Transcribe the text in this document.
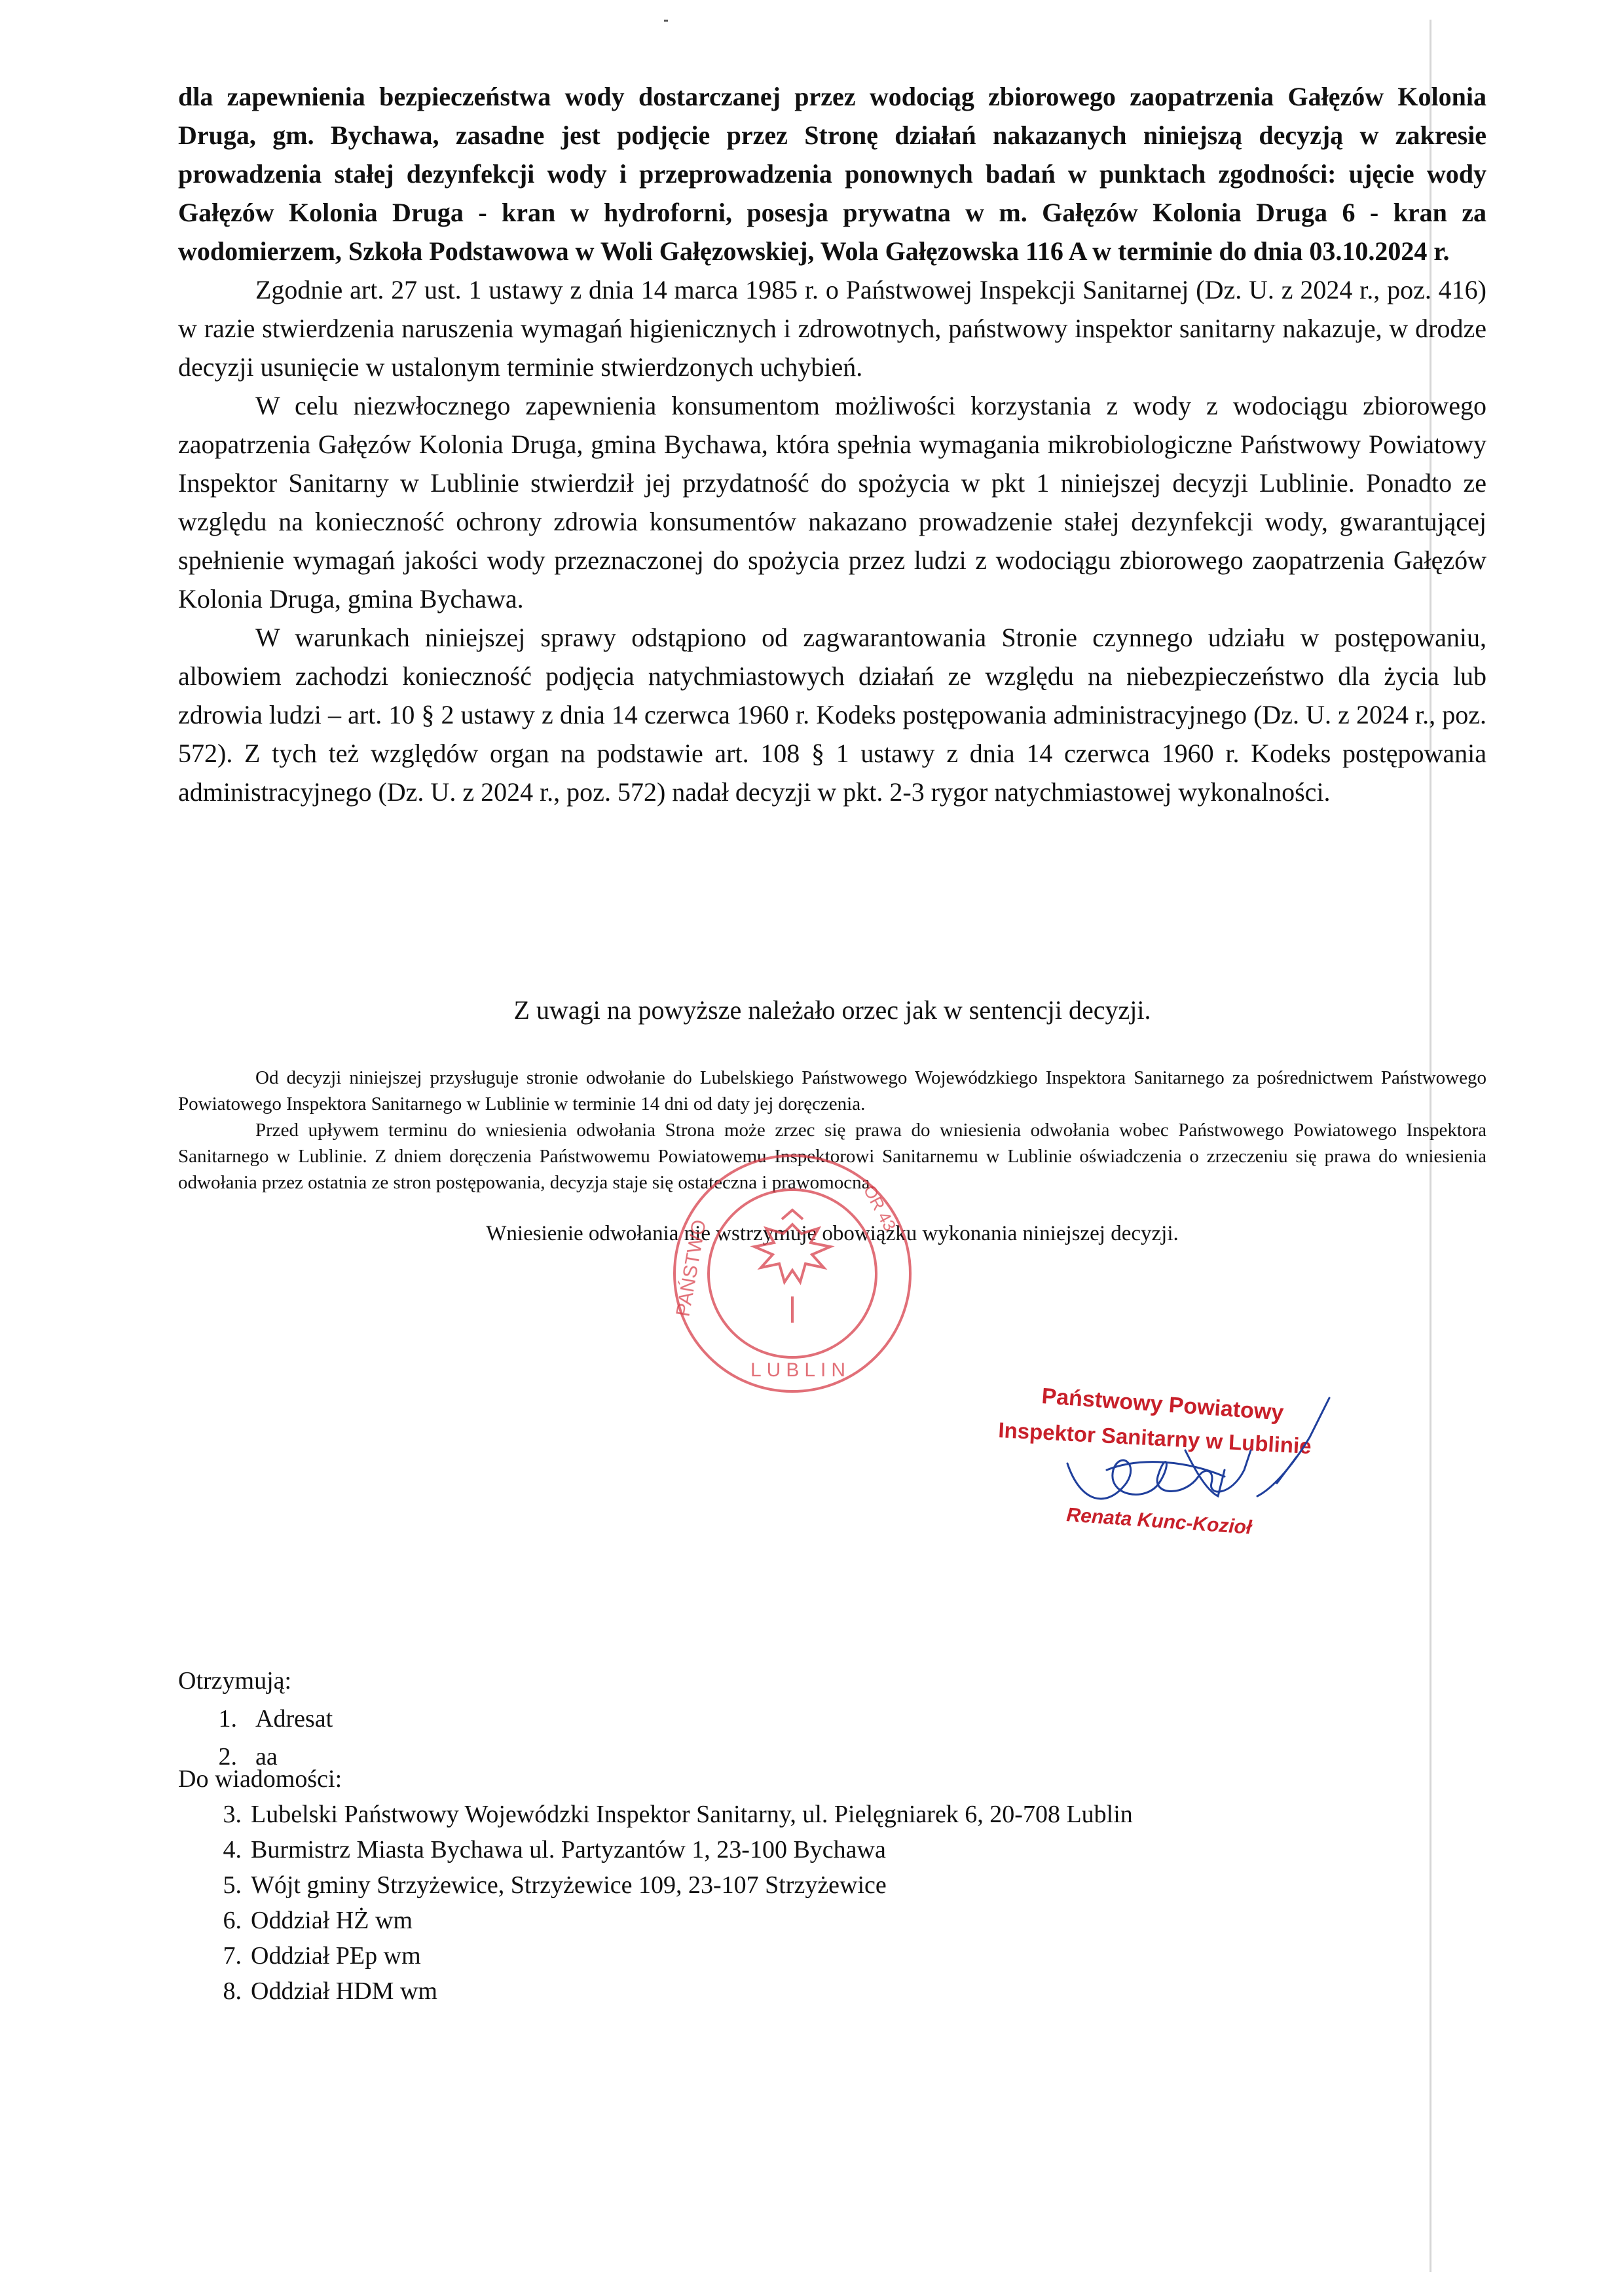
dla zapewnienia bezpieczeństwa wody dostarczanej przez wodociąg zbiorowego zaopatrzenia Gałęzów Kolonia Druga, gm. Bychawa, zasadne jest podjęcie przez Stronę działań nakazanych niniejszą decyzją w zakresie prowadzenia stałej dezynfekcji wody i przeprowadzenia ponownych badań w punktach zgodności: ujęcie wody Gałęzów Kolonia Druga - kran w hydroforni, posesja prywatna w m. Gałęzów Kolonia Druga 6 - kran za wodomierzem, Szkoła Podstawowa w Woli Gałęzowskiej, Wola Gałęzowska 116 A w terminie do dnia 03.10.2024 r.

Zgodnie art. 27 ust. 1 ustawy z dnia 14 marca 1985 r. o Państwowej Inspekcji Sanitarnej (Dz. U. z 2024 r., poz. 416) w razie stwierdzenia naruszenia wymagań higienicznych i zdrowotnych, państwowy inspektor sanitarny nakazuje, w drodze decyzji usunięcie w ustalonym terminie stwierdzonych uchybień.

W celu niezwłocznego zapewnienia konsumentom możliwości korzystania z wody z wodociągu zbiorowego zaopatrzenia Gałęzów Kolonia Druga, gmina Bychawa, która spełnia wymagania mikrobiologiczne Państwowy Powiatowy Inspektor Sanitarny w Lublinie stwierdził jej przydatność do spożycia w pkt 1 niniejszej decyzji Lublinie. Ponadto ze względu na konieczność ochrony zdrowia konsumentów nakazano prowadzenie stałej dezynfekcji wody, gwarantującej spełnienie wymagań jakości wody przeznaczonej do spożycia przez ludzi z wodociągu zbiorowego zaopatrzenia Gałęzów Kolonia Druga, gmina Bychawa.

W warunkach niniejszej sprawy odstąpiono od zagwarantowania Stronie czynnego udziału w postępowaniu, albowiem zachodzi konieczność podjęcia natychmiastowych działań ze względu na niebezpieczeństwo dla życia lub zdrowia ludzi – art. 10 § 2 ustawy z dnia 14 czerwca 1960 r. Kodeks postępowania administracyjnego (Dz. U. z 2024 r., poz. 572). Z tych też względów organ na podstawie art. 108 § 1 ustawy z dnia 14 czerwca 1960 r. Kodeks postępowania administracyjnego (Dz. U. z 2024 r., poz. 572) nadał decyzji w pkt. 2-3 rygor natychmiastowej wykonalności.

Z uwagi na powyższe należało orzec jak w sentencji decyzji.

Od decyzji niniejszej przysługuje stronie odwołanie do Lubelskiego Państwowego Wojewódzkiego Inspektora Sanitarnego za pośrednictwem Państwowego Powiatowego Inspektora Sanitarnego w Lublinie w terminie 14 dni od daty jej doręczenia.

Przed upływem terminu do wniesienia odwołania Strona może zrzec się prawa do wniesienia odwołania wobec Państwowego Powiatowego Inspektora Sanitarnego w Lublinie. Z dniem doręczenia Państwowemu Powiatowemu Inspektorowi Sanitarnemu w Lublinie oświadczenia o zrzeczeniu się prawa do wniesienia odwołania przez ostatnia ze stron postępowania, decyzja staje się ostateczna i prawomocna.

Wniesienie odwołania nie wstrzymuje obowiązku wykonania niniejszej decyzji.
PAŃSTWO
OR 43
LUBLIN
Państwowy Powiatowy
Inspektor Sanitarny w Lublinie
Renata Kunc-Kozioł

Otrzymują:

1. Adresat
2. aa

Do wiadomości:

3. Lubelski Państwowy Wojewódzki Inspektor Sanitarny, ul. Pielęgniarek 6, 20-708 Lublin
4. Burmistrz Miasta Bychawa ul. Partyzantów 1, 23-100 Bychawa
5. Wójt gminy Strzyżewice, Strzyżewice 109, 23-107 Strzyżewice
6. Oddział HŻ wm
7. Oddział PEp wm
8. Oddział HDM wm
